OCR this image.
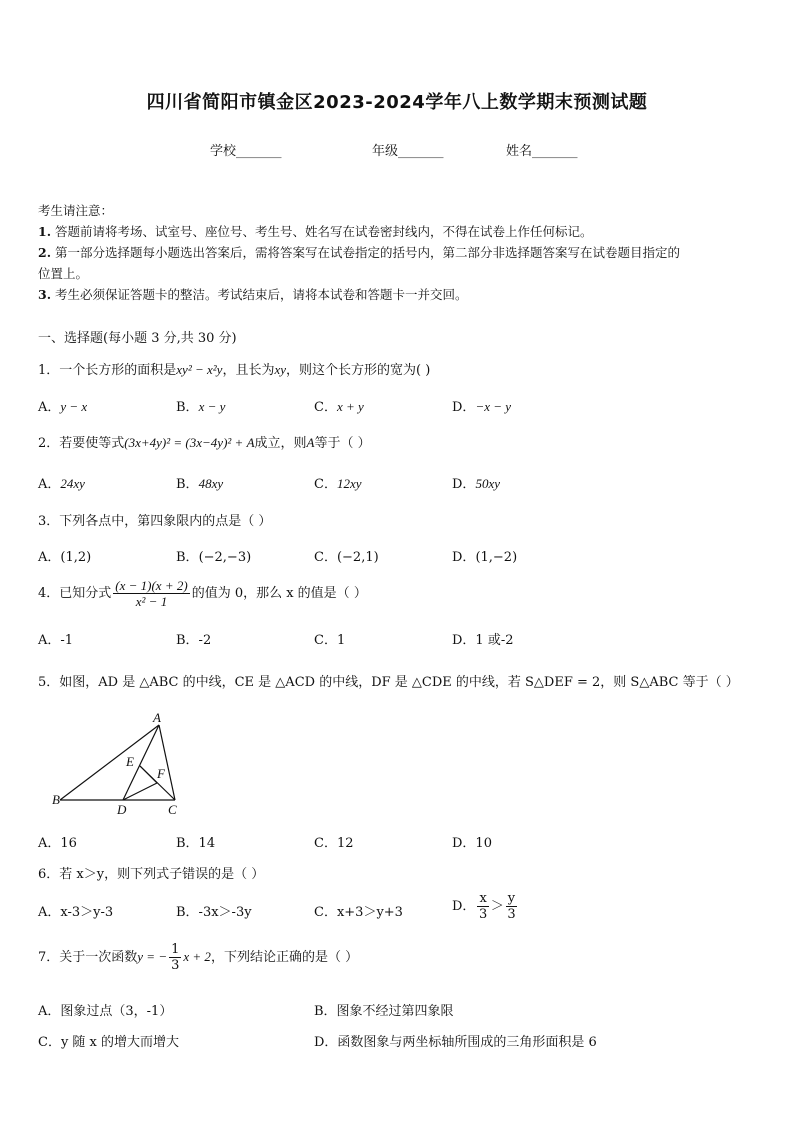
四川省简阳市镇金区2023-2024学年八上数学期末预测试题
学校_______	年级_______	姓名_______
考生请注意：
1. 答题前请将考场、试室号、座位号、考生号、姓名写在试卷密封线内，不得在试卷上作任何标记。
2. 第一部分选择题每小题选出答案后，需将答案写在试卷指定的括号内，第二部分非选择题答案写在试卷题目指定的
位置上。
3. 考生必须保证答题卡的整洁。考试结束后，请将本试卷和答题卡一并交回。
一、选择题(每小题 3 分,共 30 分)
1．一个长方形的面积是xy² − x²y，且长为xy，则这个长方形的宽为( )
A．y − x	B．x − y	C．x + y	D．−x − y
2．若要使等式(3x+4y)² = (3x−4y)² + A成立，则A等于（ ）
A．24xy	B．48xy	C．12xy	D．50xy
3．下列各点中，第四象限内的点是（ ）
A．(1,2)	B．(−2,−3)	C．(−2,1)	D．(1,−2)
4．已知分式 $\frac{(x - 1)(x + 2)}{\text{x² − 1}}$ 的值为 0，那么 x 的值是（ ）
A．-1	B．-2	C．1	D．1 或-2
5．如图，AD 是 △ABC 的中线，CE 是 △ACD 的中线，DF 是 △CDE 的中线，若 S△DEF = 2，则 S△ABC 等于（ ）
A
B
C
D
E
F
A．16	B．14	C．12	D．10
6．若 x＞y，则下列式子错误的是（ ）
A．x-3＞y-3	B．-3x＞-3y	C．x+3＞y+3	D． $\frac{x}{3} > \frac{y}{3}$
7．关于一次函数y = − $\frac{1}{3}$ x + 2，下列结论正确的是（ ）
A．图象过点（3，-1）	B．图象不经过第四象限
C．y 随 x 的增大而增大	D．函数图象与两坐标轴所围成的三角形面积是 6
